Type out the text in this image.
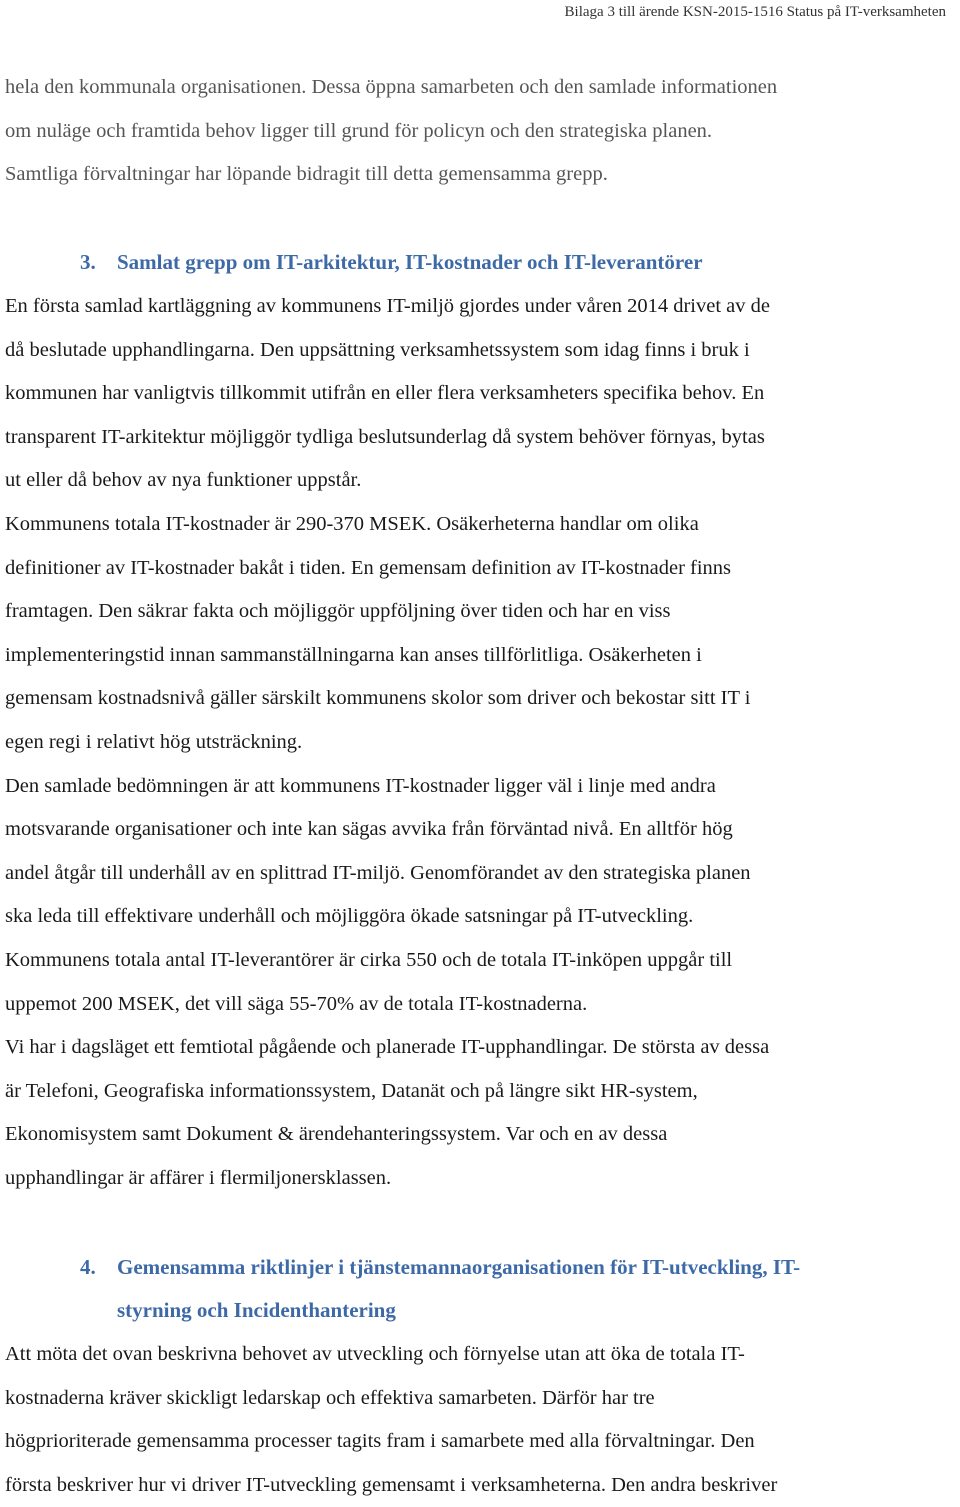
Bilaga 3 till ärende KSN-2015-1516 Status på IT-verksamheten
hela den kommunala organisationen. Dessa öppna samarbeten och den samlade informationen
om nuläge och framtida behov ligger till grund för policyn och den strategiska planen.
Samtliga förvaltningar har löpande bidragit till detta gemensamma grepp.
3. Samlat grepp om IT-arkitektur, IT-kostnader och IT-leverantörer
En första samlad kartläggning av kommunens IT-miljö gjordes under våren 2014 drivet av de
då beslutade upphandlingarna. Den uppsättning verksamhetssystem som idag finns i bruk i
kommunen har vanligtvis tillkommit utifrån en eller flera verksamheters specifika behov. En
transparent IT-arkitektur möjliggör tydliga beslutsunderlag då system behöver förnyas, bytas
ut eller då behov av nya funktioner uppstår.
Kommunens totala IT-kostnader är 290-370 MSEK. Osäkerheterna handlar om olika
definitioner av IT-kostnader bakåt i tiden. En gemensam definition av IT-kostnader finns
framtagen. Den säkrar fakta och möjliggör uppföljning över tiden och har en viss
implementeringstid innan sammanställningarna kan anses tillförlitliga. Osäkerheten i
gemensam kostnadsnivå gäller särskilt kommunens skolor som driver och bekostar sitt IT i
egen regi i relativt hög utsträckning.
Den samlade bedömningen är att kommunens IT-kostnader ligger väl i linje med andra
motsvarande organisationer och inte kan sägas avvika från förväntad nivå. En alltför hög
andel åtgår till underhåll av en splittrad IT-miljö. Genomförandet av den strategiska planen
ska leda till effektivare underhåll och möjliggöra ökade satsningar på IT-utveckling.
Kommunens totala antal IT-leverantörer är cirka 550 och de totala IT-inköpen uppgår till
uppemot 200 MSEK, det vill säga 55-70% av de totala IT-kostnaderna.
Vi har i dagsläget ett femtiotal pågående och planerade IT-upphandlingar. De största av dessa
är Telefoni, Geografiska informationssystem, Datanät och på längre sikt HR-system,
Ekonomisystem samt Dokument & ärendehanteringssystem. Var och en av dessa
upphandlingar är affärer i flermiljonersklassen.
4. Gemensamma riktlinjer i tjänstemannaorganisationen för IT-utveckling, IT-
styrning och Incidenthantering
Att möta det ovan beskrivna behovet av utveckling och förnyelse utan att öka de totala IT-
kostnaderna kräver skickligt ledarskap och effektiva samarbeten. Därför har tre
högprioriterade gemensamma processer tagits fram i samarbete med alla förvaltningar. Den
första beskriver hur vi driver IT-utveckling gemensamt i verksamheterna. Den andra beskriver
